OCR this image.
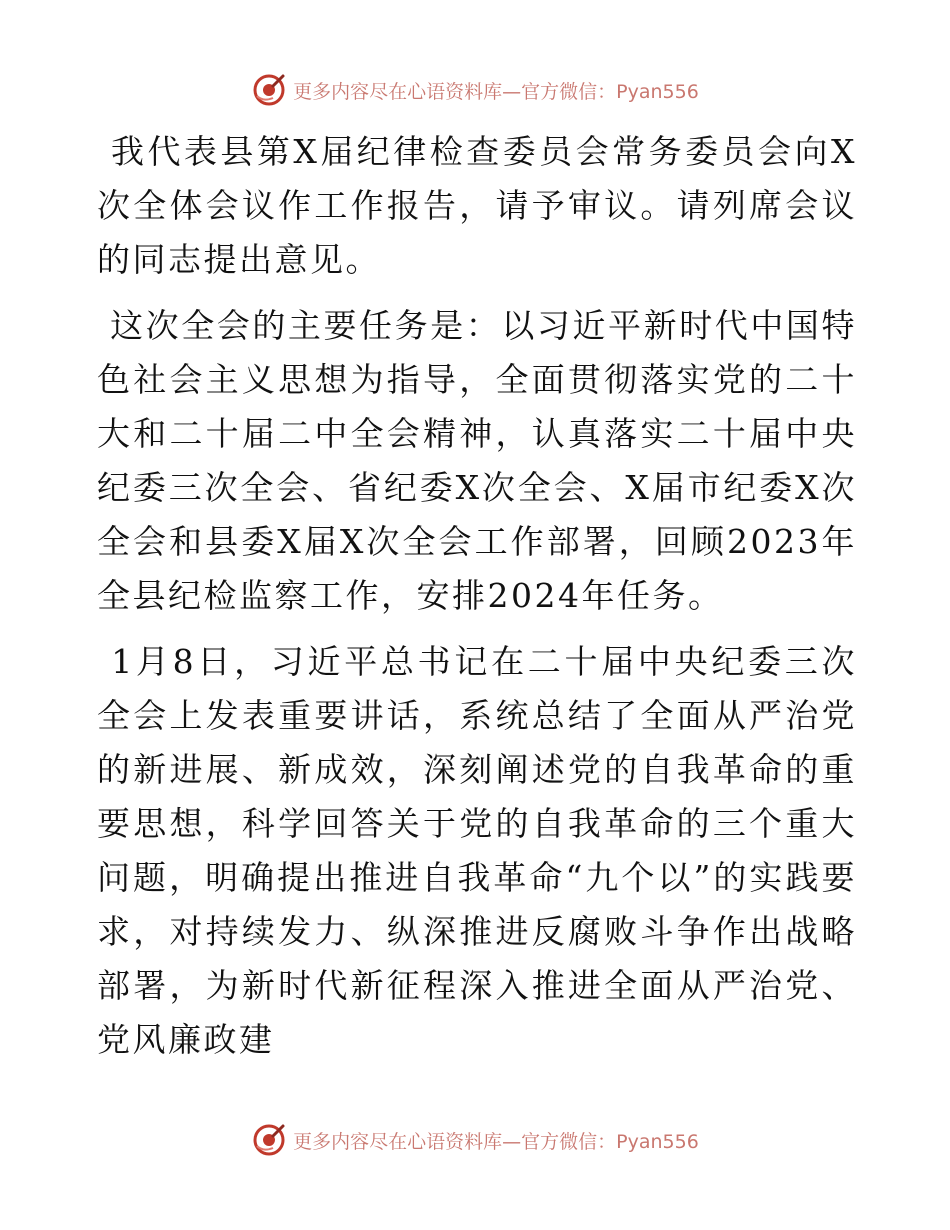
更多内容尽在心语资料库—官方微信：Pyan556

我代表县第X届纪律检查委员会常务委员会向X次全体会议作工作报告，请予审议。请列席会议的同志提出意见。

这次全会的主要任务是：以习近平新时代中国特色社会主义思想为指导，全面贯彻落实党的二十大和二十届二中全会精神，认真落实二十届中央纪委三次全会、省纪委X次全会、X届市纪委X次全会和县委X届X次全会工作部署，回顾2023年全县纪检监察工作，安排2024年任务。

1月8日，习近平总书记在二十届中央纪委三次全会上发表重要讲话，系统总结了全面从严治党的新进展、新成效，深刻阐述党的自我革命的重要思想，科学回答关于党的自我革命的三个重大问题，明确提出推进自我革命“九个以”的实践要求，对持续发力、纵深推进反腐败斗争作出战略部署，为新时代新征程深入推进全面从严治党、党风廉政建

更多内容尽在心语资料库—官方微信：Pyan556
